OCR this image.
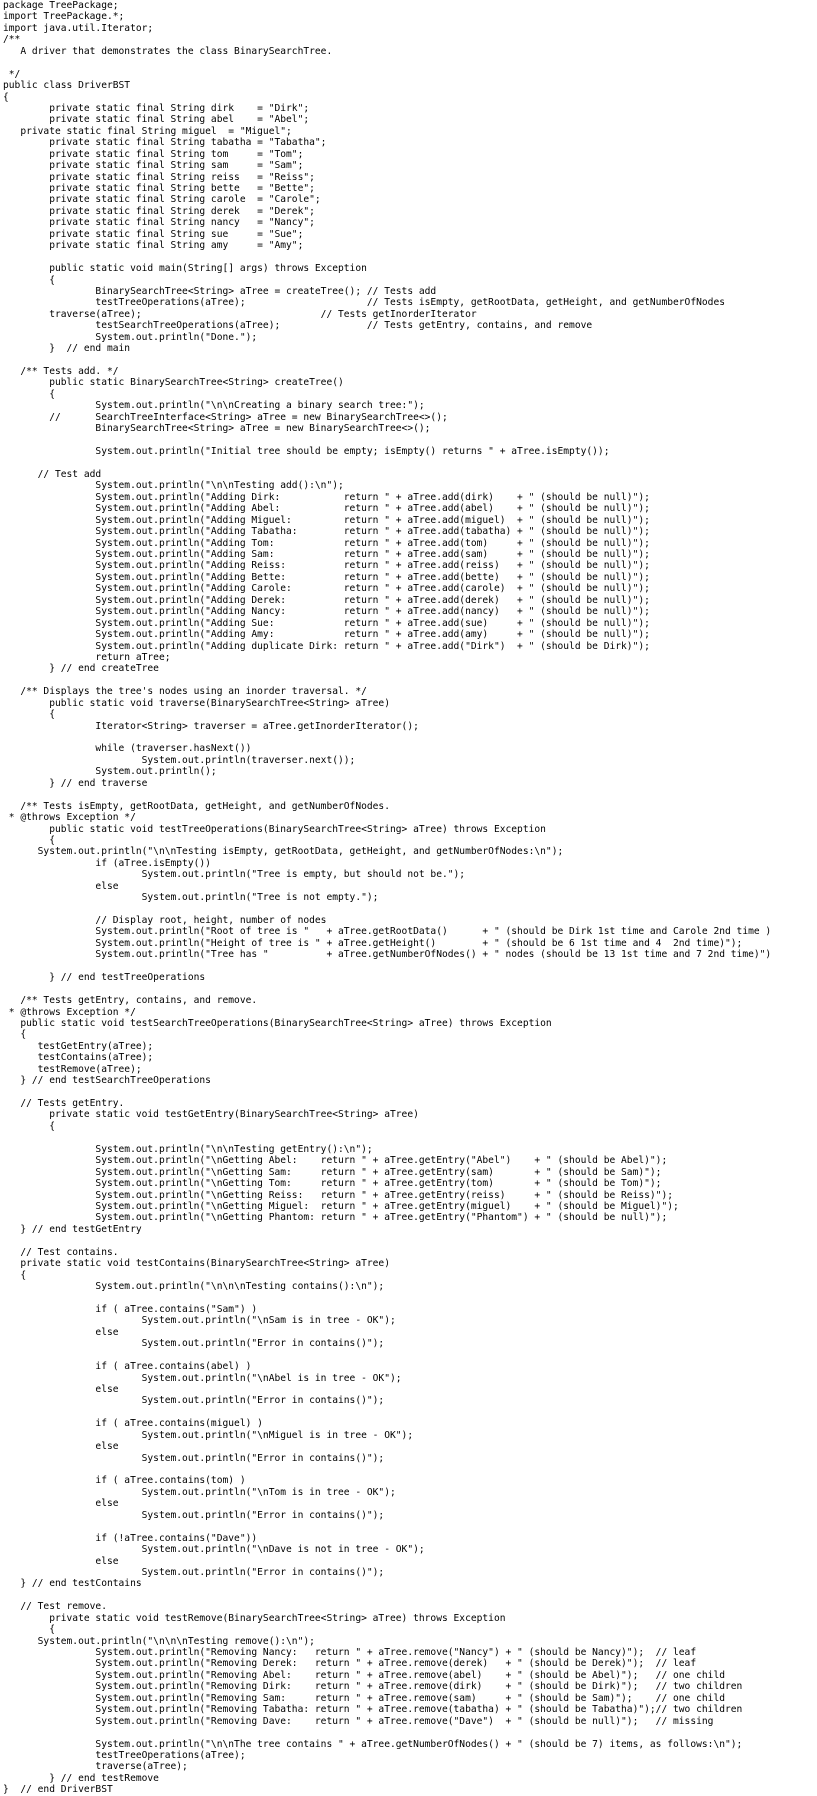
package TreePackage;
import TreePackage.*;
import java.util.Iterator;
/**
A driver that demonstrates the class BinarySearchTree.
*/
public class DriverBST
{
private static final String dirk    = "Dirk";
private static final String abel    = "Abel";
private static final String miguel  = "Miguel";
private static final String tabatha = "Tabatha";
private static final String tom     = "Tom";
private static final String sam     = "Sam";
private static final String reiss   = "Reiss";
private static final String bette   = "Bette";
private static final String carole  = "Carole";
private static final String derek   = "Derek";
private static final String nancy   = "Nancy";
private static final String sue     = "Sue";
private static final String amy     = "Amy";
public static void main(String[] args) throws Exception
{
BinarySearchTree<String> aTree = createTree(); // Tests add
testTreeOperations(aTree);                     // Tests isEmpty, getRootData, getHeight, and getNumberOfNodes
traverse(aTree);                               // Tests getInorderIterator
testSearchTreeOperations(aTree);               // Tests getEntry, contains, and remove
System.out.println("Done.");
}  // end main
/** Tests add. */
public static BinarySearchTree<String> createTree()
{
System.out.println("\n\nCreating a binary search tree:");
//      SearchTreeInterface<String> aTree = new BinarySearchTree<>();
BinarySearchTree<String> aTree = new BinarySearchTree<>();
System.out.println("Initial tree should be empty; isEmpty() returns " + aTree.isEmpty());
// Test add
System.out.println("\n\nTesting add():\n");
System.out.println("Adding Dirk:           return " + aTree.add(dirk)    + " (should be null)");
System.out.println("Adding Abel:           return " + aTree.add(abel)    + " (should be null)");
System.out.println("Adding Miguel:         return " + aTree.add(miguel)  + " (should be null)");
System.out.println("Adding Tabatha:        return " + aTree.add(tabatha) + " (should be null)");
System.out.println("Adding Tom:            return " + aTree.add(tom)     + " (should be null)");
System.out.println("Adding Sam:            return " + aTree.add(sam)     + " (should be null)");
System.out.println("Adding Reiss:          return " + aTree.add(reiss)   + " (should be null)");
System.out.println("Adding Bette:          return " + aTree.add(bette)   + " (should be null)");
System.out.println("Adding Carole:         return " + aTree.add(carole)  + " (should be null)");
System.out.println("Adding Derek:          return " + aTree.add(derek)   + " (should be null)");
System.out.println("Adding Nancy:          return " + aTree.add(nancy)   + " (should be null)");
System.out.println("Adding Sue:            return " + aTree.add(sue)     + " (should be null)");
System.out.println("Adding Amy:            return " + aTree.add(amy)     + " (should be null)");
System.out.println("Adding duplicate Dirk: return " + aTree.add("Dirk")  + " (should be Dirk)");
return aTree;
} // end createTree
/** Displays the tree's nodes using an inorder traversal. */
public static void traverse(BinarySearchTree<String> aTree)
{
Iterator<String> traverser = aTree.getInorderIterator();
while (traverser.hasNext())
System.out.println(traverser.next());
System.out.println();
} // end traverse
/** Tests isEmpty, getRootData, getHeight, and getNumberOfNodes.
* @throws Exception */
public static void testTreeOperations(BinarySearchTree<String> aTree) throws Exception
{
System.out.println("\n\nTesting isEmpty, getRootData, getHeight, and getNumberOfNodes:\n");
if (aTree.isEmpty())
System.out.println("Tree is empty, but should not be.");
else
System.out.println("Tree is not empty.");
// Display root, height, number of nodes
System.out.println("Root of tree is "   + aTree.getRootData()      + " (should be Dirk 1st time and Carole 2nd time )
System.out.println("Height of tree is " + aTree.getHeight()        + " (should be 6 1st time and 4  2nd time)");
System.out.println("Tree has "          + aTree.getNumberOfNodes() + " nodes (should be 13 1st time and 7 2nd time)")
} // end testTreeOperations
/** Tests getEntry, contains, and remove.
* @throws Exception */
public static void testSearchTreeOperations(BinarySearchTree<String> aTree) throws Exception
{
testGetEntry(aTree);
testContains(aTree);
testRemove(aTree);
} // end testSearchTreeOperations
// Tests getEntry.
private static void testGetEntry(BinarySearchTree<String> aTree)
{
System.out.println("\n\nTesting getEntry():\n");
System.out.println("\nGetting Abel:    return " + aTree.getEntry("Abel")    + " (should be Abel)");
System.out.println("\nGetting Sam:     return " + aTree.getEntry(sam)       + " (should be Sam)");
System.out.println("\nGetting Tom:     return " + aTree.getEntry(tom)       + " (should be Tom)");
System.out.println("\nGetting Reiss:   return " + aTree.getEntry(reiss)     + " (should be Reiss)");
System.out.println("\nGetting Miguel:  return " + aTree.getEntry(miguel)    + " (should be Miguel)");
System.out.println("\nGetting Phantom: return " + aTree.getEntry("Phantom") + " (should be null)");
} // end testGetEntry
// Test contains.
private static void testContains(BinarySearchTree<String> aTree)
{
System.out.println("\n\n\nTesting contains():\n");
if ( aTree.contains("Sam") )
System.out.println("\nSam is in tree - OK");
else
System.out.println("Error in contains()");
if ( aTree.contains(abel) )
System.out.println("\nAbel is in tree - OK");
else
System.out.println("Error in contains()");
if ( aTree.contains(miguel) )
System.out.println("\nMiguel is in tree - OK");
else
System.out.println("Error in contains()");
if ( aTree.contains(tom) )
System.out.println("\nTom is in tree - OK");
else
System.out.println("Error in contains()");
if (!aTree.contains("Dave"))
System.out.println("\nDave is not in tree - OK");
else
System.out.println("Error in contains()");
} // end testContains
// Test remove.
private static void testRemove(BinarySearchTree<String> aTree) throws Exception
{
System.out.println("\n\n\nTesting remove():\n");
System.out.println("Removing Nancy:   return " + aTree.remove("Nancy") + " (should be Nancy)");  // leaf
System.out.println("Removing Derek:   return " + aTree.remove(derek)   + " (should be Derek)");  // leaf
System.out.println("Removing Abel:    return " + aTree.remove(abel)    + " (should be Abel)");   // one child
System.out.println("Removing Dirk:    return " + aTree.remove(dirk)    + " (should be Dirk)");   // two children
System.out.println("Removing Sam:     return " + aTree.remove(sam)     + " (should be Sam)");    // one child
System.out.println("Removing Tabatha: return " + aTree.remove(tabatha) + " (should be Tabatha)");// two children
System.out.println("Removing Dave:    return " + aTree.remove("Dave")  + " (should be null)");   // missing
System.out.println("\n\nThe tree contains " + aTree.getNumberOfNodes() + " (should be 7) items, as follows:\n");
testTreeOperations(aTree);
traverse(aTree);
} // end testRemove
}  // end DriverBST
